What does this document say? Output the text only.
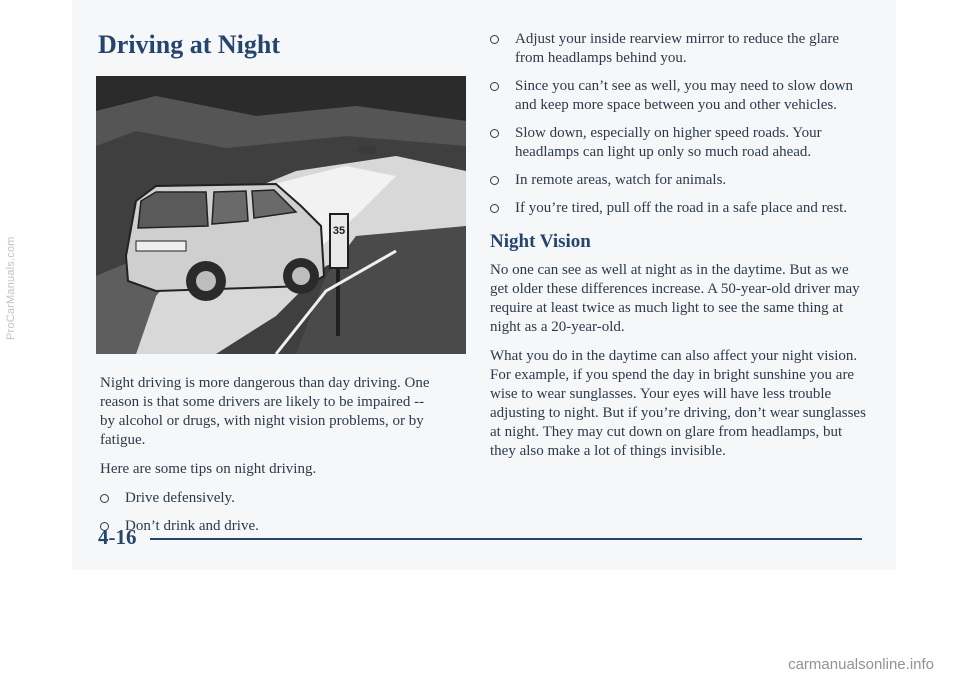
ProCarManuals.com
Driving at Night
35

Night driving is more dangerous than day driving. One reason is that some drivers are likely to be impaired -- by alcohol or drugs, with night vision problems, or by fatigue.

Here are some tips on night driving.

Drive defensively.
Don’t drink and drive.
Adjust your inside rearview mirror to reduce the glare from headlamps behind you.
Since you can’t see as well, you may need to slow down and keep more space between you and other vehicles.
Slow down, especially on higher speed roads. Your headlamps can light up only so much road ahead.
In remote areas, watch for animals.
If you’re tired, pull off the road in a safe place and rest.
Night Vision

No one can see as well at night as in the daytime. But as we get older these differences increase. A 50-year-old driver may require at least twice as much light to see the same thing at night as a 20-year-old.

What you do in the daytime can also affect your night vision. For example, if you spend the day in bright sunshine you are wise to wear sunglasses. Your eyes will have less trouble adjusting to night. But if you’re driving, don’t wear sunglasses at night. They may cut down on glare from headlamps, but they also make a lot of things invisible.

4-16
carmanualsonline.info
